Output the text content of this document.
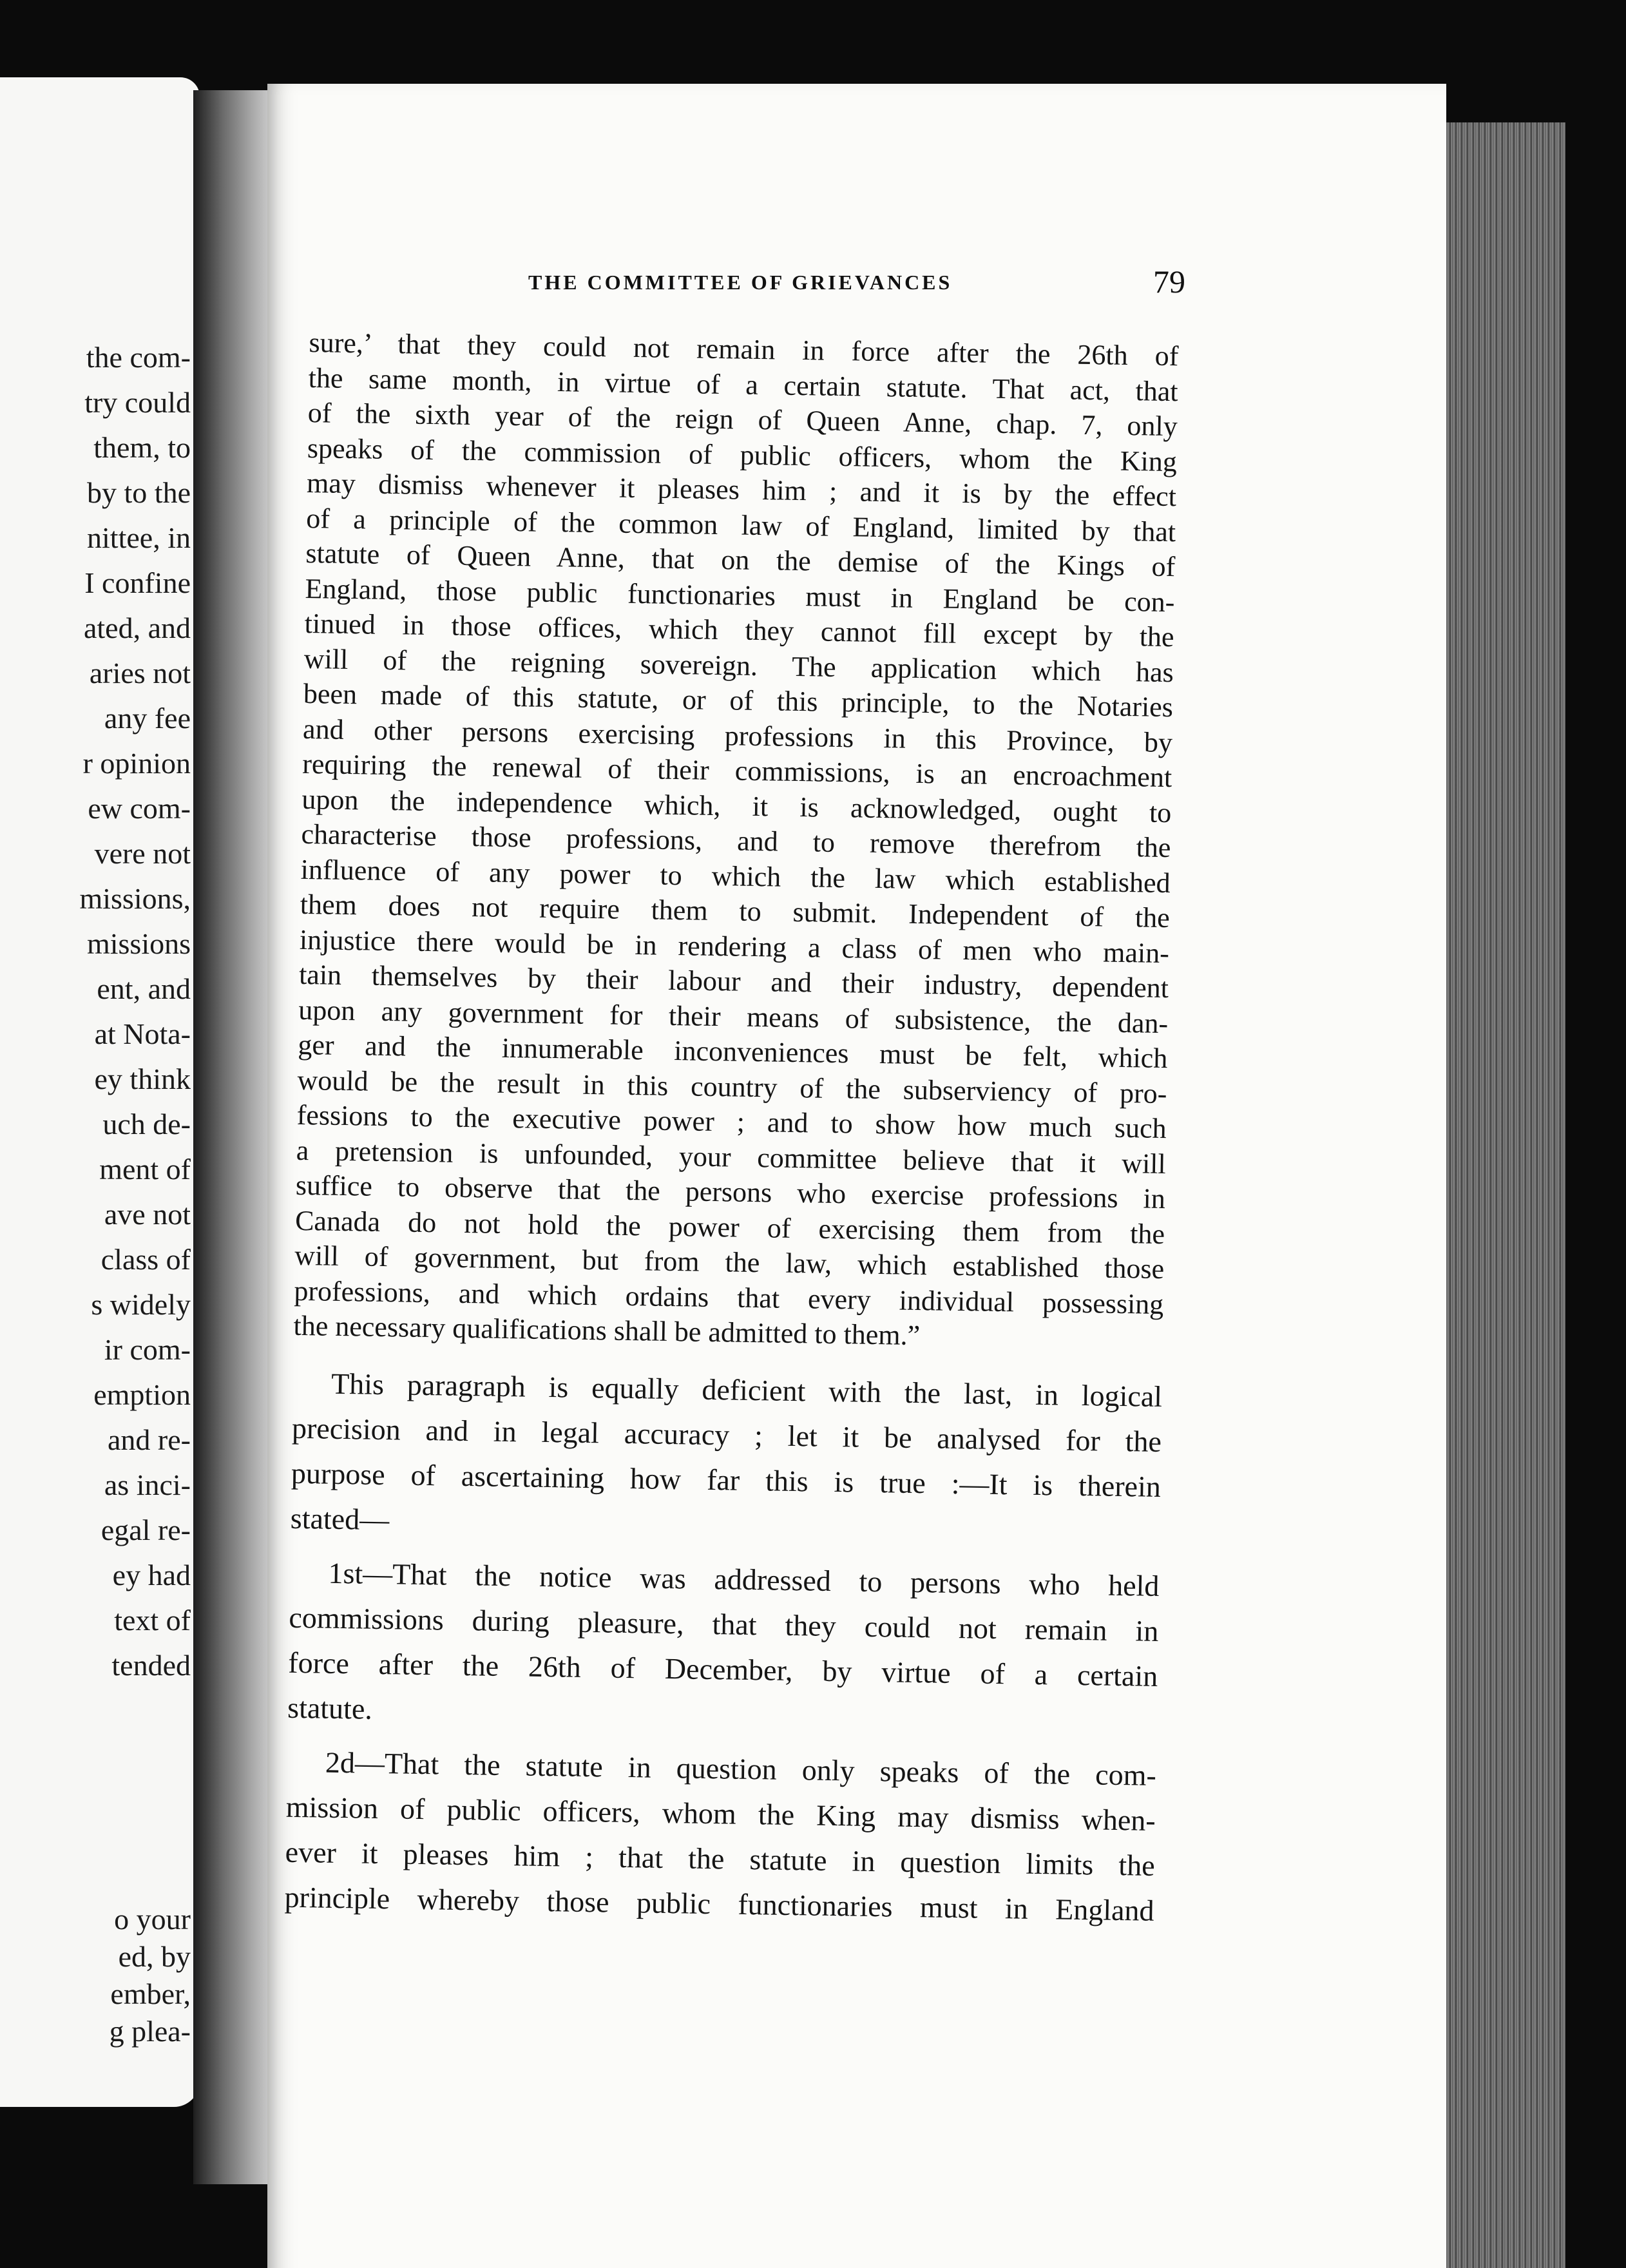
the com-
try could
them, to
by to the
nittee, in
I confine
ated, and
aries not
any fee
r opinion
ew com-
vere not
missions,
missions
ent, and
at Nota-
ey think
uch de-
ment of
ave not
class of
s widely
ir com-
emption
and re-
as inci-
egal re-
ey had
text of
tended
o your
ed, by
ember,
g plea-
THE COMMITTEE OF GRIEVANCES	79
sure,’ that they could not remain in force after the 26th of
the same month, in virtue of a certain statute. That act, that
of the sixth year of the reign of Queen Anne, chap. 7, only
speaks of the commission of public officers, whom the King
may dismiss whenever it pleases him ; and it is by the effect
of a principle of the common law of England, limited by that
statute of Queen Anne, that on the demise of the Kings of
England, those public functionaries must in England be con-
tinued in those offices, which they cannot fill except by the
will of the reigning sovereign. The application which has
been made of this statute, or of this principle, to the Notaries
and other persons exercising professions in this Province, by
requiring the renewal of their commissions, is an encroachment
upon the independence which, it is acknowledged, ought to
characterise those professions, and to remove therefrom the
influence of any power to which the law which established
them does not require them to submit. Independent of the
injustice there would be in rendering a class of men who main-
tain themselves by their labour and their industry, dependent
upon any government for their means of subsistence, the dan-
ger and the innumerable inconveniences must be felt, which
would be the result in this country of the subserviency of pro-
fessions to the executive power ; and to show how much such
a pretension is unfounded, your committee believe that it will
suffice to observe that the persons who exercise professions in
Canada do not hold the power of exercising them from the
will of government, but from the law, which established those
professions, and which ordains that every individual possessing
the necessary qualifications shall be admitted to them.”
This paragraph is equally deficient with the last, in logical
precision and in legal accuracy ; let it be analysed for the
purpose of ascertaining how far this is true :—It is therein
stated—
1st—That the notice was addressed to persons who held
commissions during pleasure, that they could not remain in
force after the 26th of December, by virtue of a certain
statute.
2d—That the statute in question only speaks of the com-
mission of public officers, whom the King may dismiss when-
ever it pleases him ; that the statute in question limits the
principle whereby those public functionaries must in England
